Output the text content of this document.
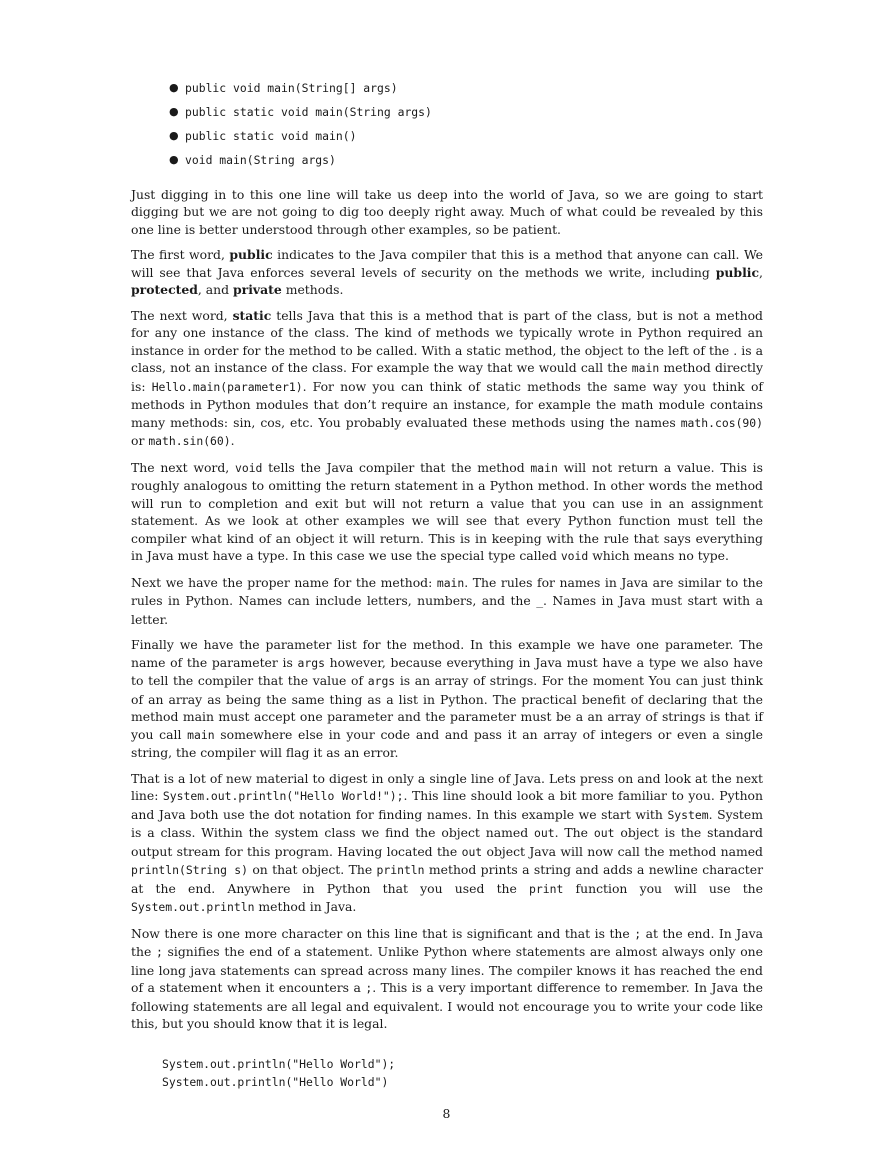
● public void main(String[] args)
● public static void main(String args)
● public static void main()
● void main(String args)

Just digging in to this one line will take us deep into the world of Java, so we are going to start digging but we are not going to dig too deeply right away. Much of what could be revealed by this one line is better understood through other examples, so be patient.

The first word, public indicates to the Java compiler that this is a method that anyone can call. We will see that Java enforces several levels of security on the methods we write, including public, protected, and private methods.

The next word, static tells Java that this is a method that is part of the class, but is not a method for any one instance of the class. The kind of methods we typically wrote in Python required an instance in order for the method to be called. With a static method, the object to the left of the . is a class, not an instance of the class. For example the way that we would call the main method directly is: Hello.main(parameter1). For now you can think of static methods the same way you think of methods in Python modules that don’t require an instance, for example the math module contains many methods: sin, cos, etc. You probably evaluated these methods using the names math.cos(90) or math.sin(60).

The next word, void tells the Java compiler that the method main will not return a value. This is roughly analogous to omitting the return statement in a Python method. In other words the method will run to completion and exit but will not return a value that you can use in an assignment statement. As we look at other examples we will see that every Python function must tell the compiler what kind of an object it will return. This is in keeping with the rule that says everything in Java must have a type. In this case we use the special type called void which means no type.

Next we have the proper name for the method: main. The rules for names in Java are similar to the rules in Python. Names can include letters, numbers, and the _. Names in Java must start with a letter.

Finally we have the parameter list for the method. In this example we have one parameter. The name of the parameter is args however, because everything in Java must have a type we also have to tell the compiler that the value of args is an array of strings. For the moment You can just think of an array as being the same thing as a list in Python. The practical benefit of declaring that the method main must accept one parameter and the parameter must be a an array of strings is that if you call main somewhere else in your code and and pass it an array of integers or even a single string, the compiler will flag it as an error.

That is a lot of new material to digest in only a single line of Java. Lets press on and look at the next line: System.out.println("Hello World!");. This line should look a bit more familiar to you. Python and Java both use the dot notation for finding names. In this example we start with System. System is a class. Within the system class we find the object named out. The out object is the standard output stream for this program. Having located the out object Java will now call the method named println(String s) on that object. The println method prints a string and adds a newline character at the end. Anywhere in Python that you used the print function you will use the System.out.println method in Java.

Now there is one more character on this line that is significant and that is the ; at the end. In Java the ; signifies the end of a statement. Unlike Python where statements are almost always only one line long java statements can spread across many lines. The compiler knows it has reached the end of a statement when it encounters a ;. This is a very important difference to remember. In Java the following statements are all legal and equivalent. I would not encourage you to write your code like this, but you should know that it is legal.

System.out.println("Hello World");
System.out.println("Hello World")
8
